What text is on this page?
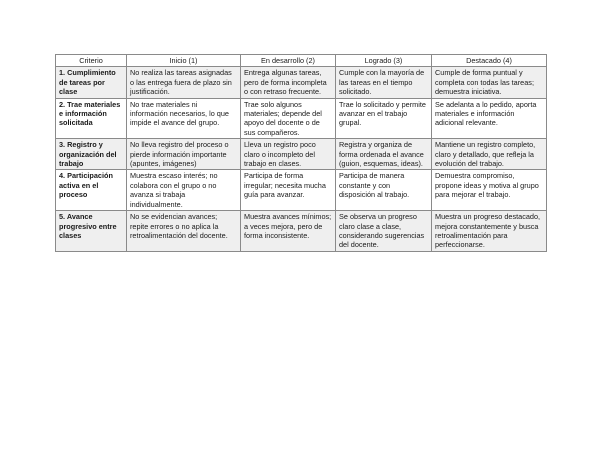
Criterio	Inicio (1)	En desarrollo (2)	Logrado (3)	Destacado (4)
1. Cumplimiento de tareas por clase	No realiza las tareas asignadas o las entrega fuera de plazo sin justificación.	Entrega algunas tareas, pero de forma incompleta o con retraso frecuente.	Cumple con la mayoría de las tareas en el tiempo solicitado.	Cumple de forma puntual y completa con todas las tareas; demuestra iniciativa.
2. Trae materiales e información solicitada	No trae materiales ni información necesarios, lo que impide el avance del grupo.	Trae solo algunos materiales; depende del apoyo del docente o de sus compañeros.	Trae lo solicitado y permite avanzar en el trabajo grupal.	Se adelanta a lo pedido, aporta materiales e información adicional relevante.
3. Registro y organización del trabajo	No lleva registro del proceso o pierde información importante (apuntes, imágenes)	Lleva un registro poco claro o incompleto del trabajo en clases.	Registra y organiza de forma ordenada el avance (guion, esquemas, ideas).	Mantiene un registro completo, claro y detallado, que refleja la evolución del trabajo.
4. Participación activa en el proceso	Muestra escaso interés; no colabora con el grupo o no avanza si trabaja individualmente.	Participa de forma irregular; necesita mucha guía para avanzar.	Participa de manera constante y con disposición al trabajo.	Demuestra compromiso, propone ideas y motiva al grupo para mejorar el trabajo.
5. Avance progresivo entre clases	No se evidencian avances; repite errores o no aplica la retroalimentación del docente.	Muestra avances mínimos; a veces mejora, pero de forma inconsistente.	Se observa un progreso claro clase a clase, considerando sugerencias del docente.	Muestra un progreso destacado, mejora constantemente y busca retroalimentación para perfeccionarse.
